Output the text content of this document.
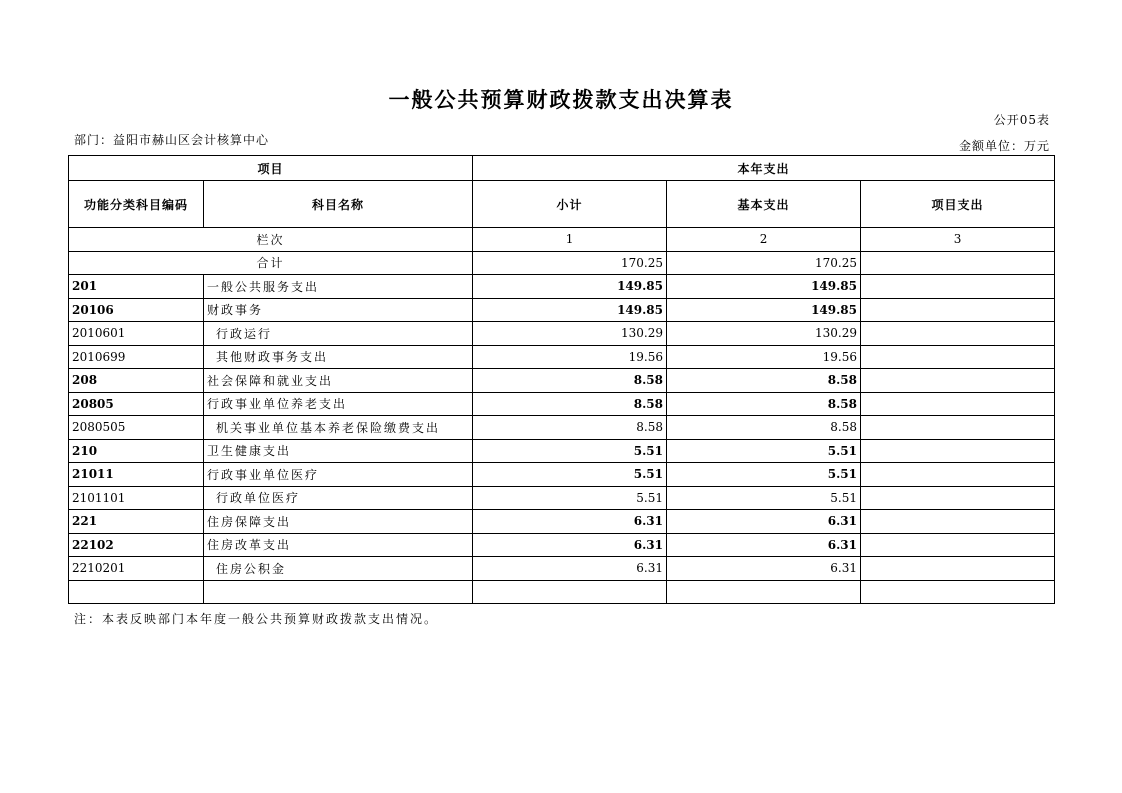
一般公共预算财政拨款支出决算表
公开05表
部门：益阳市赫山区会计核算中心	金额单位：万元
项目		本年支出		
功能分类科目编码	科目名称	小计	基本支出	项目支出
栏次		1	2	3
合计		170.25	170.25	
201	一般公共服务支出	149.85	149.85	
20106	财政事务	149.85	149.85	
2010601	行政运行	130.29	130.29	
2010699	其他财政事务支出	19.56	19.56	
208	社会保障和就业支出	8.58	8.58	
20805	行政事业单位养老支出	8.58	8.58	
2080505	机关事业单位基本养老保险缴费支出	8.58	8.58	
210	卫生健康支出	5.51	5.51	
21011	行政事业单位医疗	5.51	5.51	
2101101	行政单位医疗	5.51	5.51	
221	住房保障支出	6.31	6.31	
22102	住房改革支出	6.31	6.31	
2210201	住房公积金	6.31	6.31	

注：本表反映部门本年度一般公共预算财政拨款支出情况。
